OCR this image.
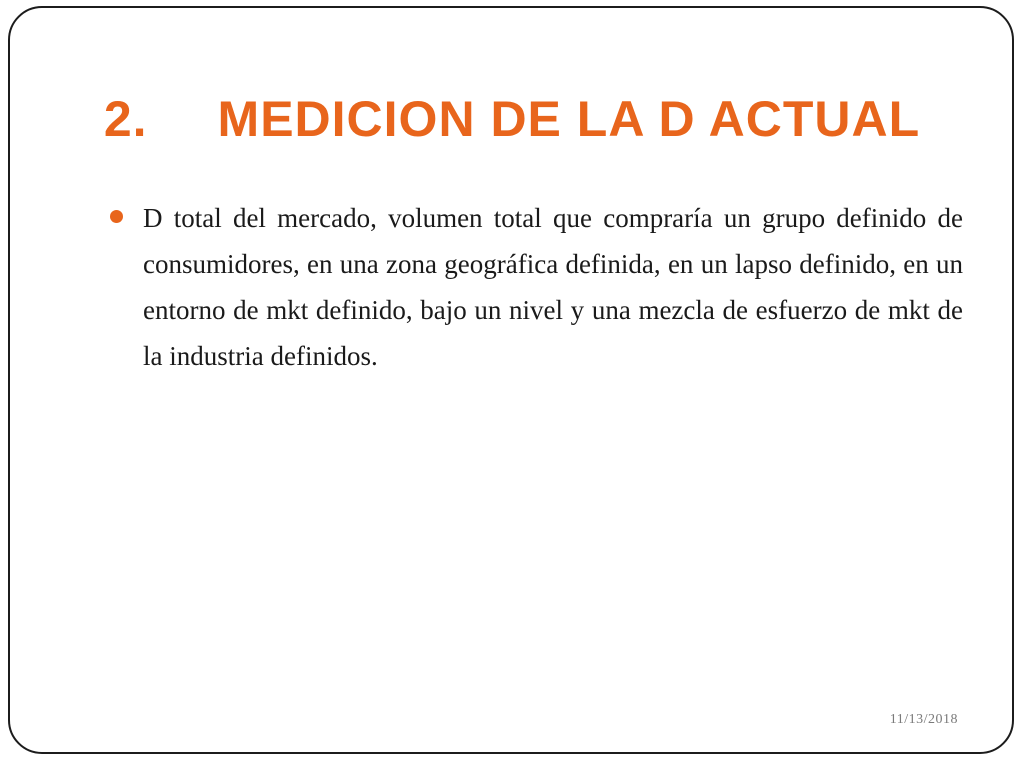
2. MEDICION DE LA D ACTUAL
D total del mercado, volumen total que compraría un grupo definido de consumidores, en una zona geográfica definida, en un lapso definido, en un entorno de mkt definido, bajo un nivel y una mezcla de esfuerzo de mkt de la industria definidos.
11/13/2018
